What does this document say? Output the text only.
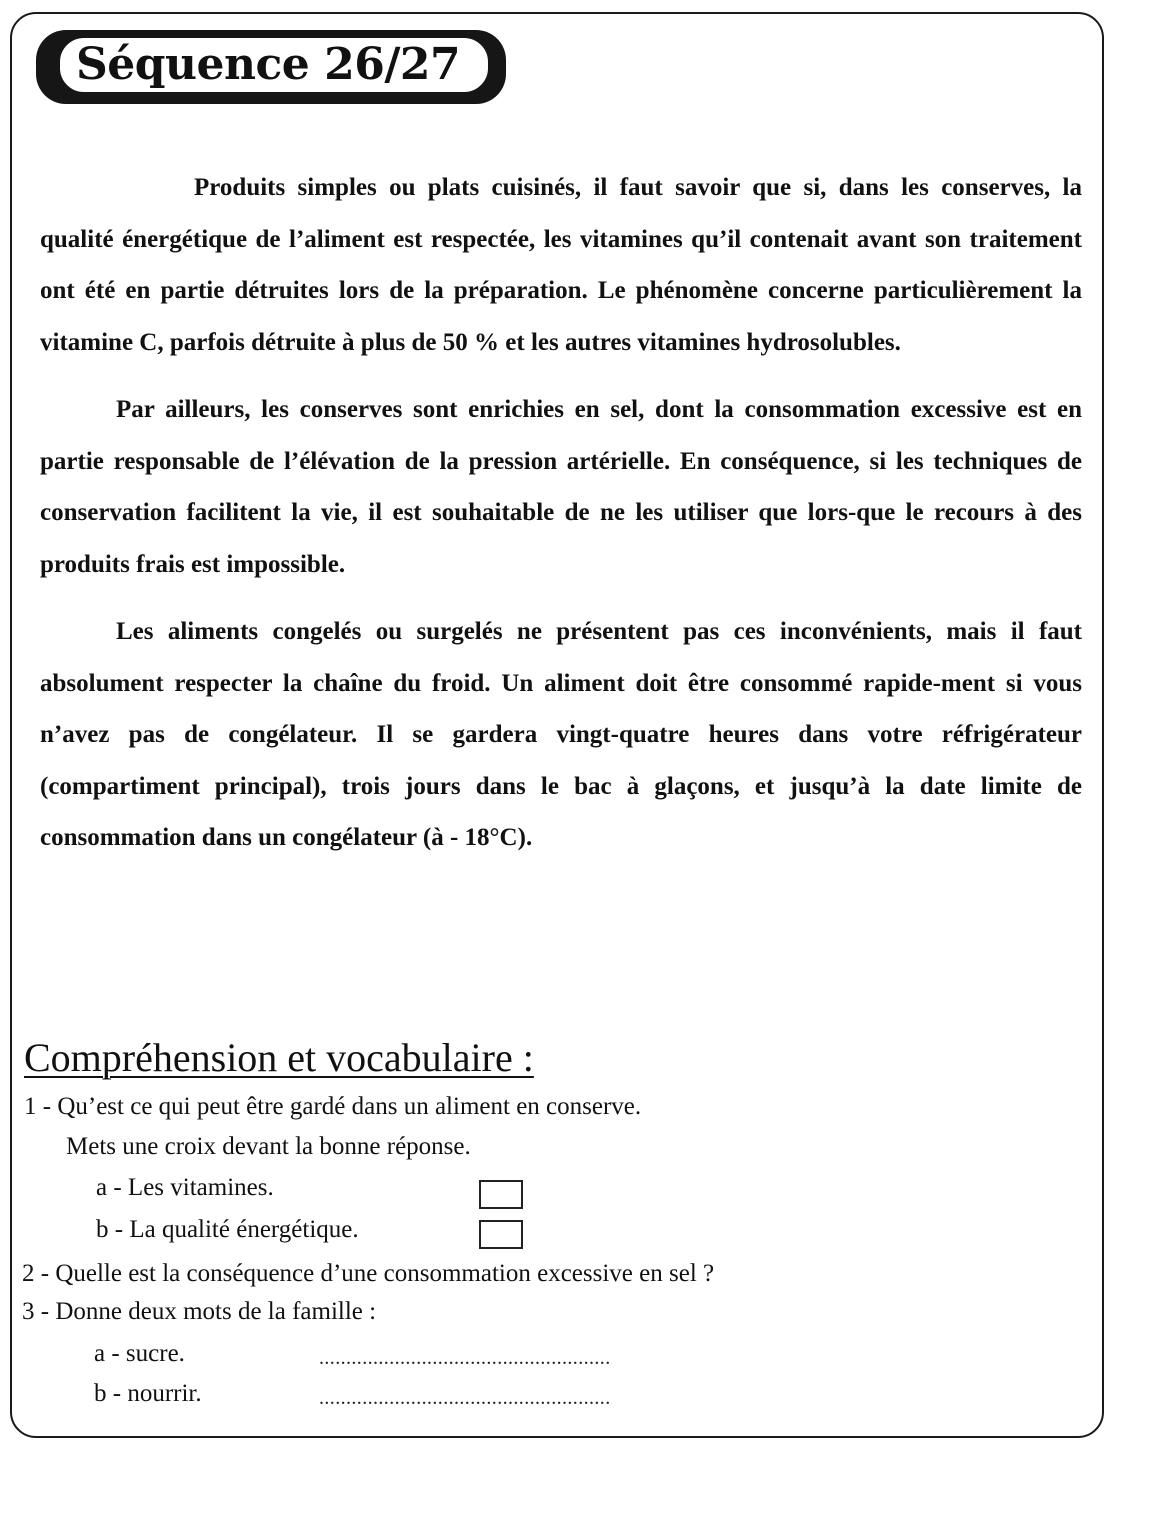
Séquence 26/27

Produits simples ou plats cuisinés, il faut savoir que si, dans les conserves, la qualité énergétique de l’aliment est respectée, les vitamines qu’il contenait avant son traitement ont été en partie détruites lors de la préparation. Le phénomène concerne particulièrement la vitamine C, parfois détruite à plus de 50 % et les autres vitamines hydrosolubles.

Par ailleurs, les conserves sont enrichies en sel, dont la consommation excessive est en partie responsable de l’élévation de la pression artérielle. En conséquence, si les techniques de conservation facilitent la vie, il est souhaitable de ne les utiliser que lors-que le recours à des produits frais est impossible.

Les aliments congelés ou surgelés ne présentent pas ces inconvénients, mais il faut absolument respecter la chaîne du froid. Un aliment doit être consommé rapide-ment si vous n’avez pas de congélateur. Il se gardera vingt-quatre heures dans votre réfrigérateur (compartiment principal), trois jours dans le bac à glaçons, et jusqu’à la date limite de consommation dans un congélateur (à - 18°C).

Compréhension et vocabulaire :
1 - Qu’est ce qui peut être gardé dans un aliment en conserve.
Mets une croix devant la bonne réponse.
a - Les vitamines.
b - La qualité énergétique.
2 - Quelle est la conséquence d’une consommation excessive en sel ?
3 - Donne deux mots de la famille :
a - sucre.	......................................................
b - nourrir.	......................................................
